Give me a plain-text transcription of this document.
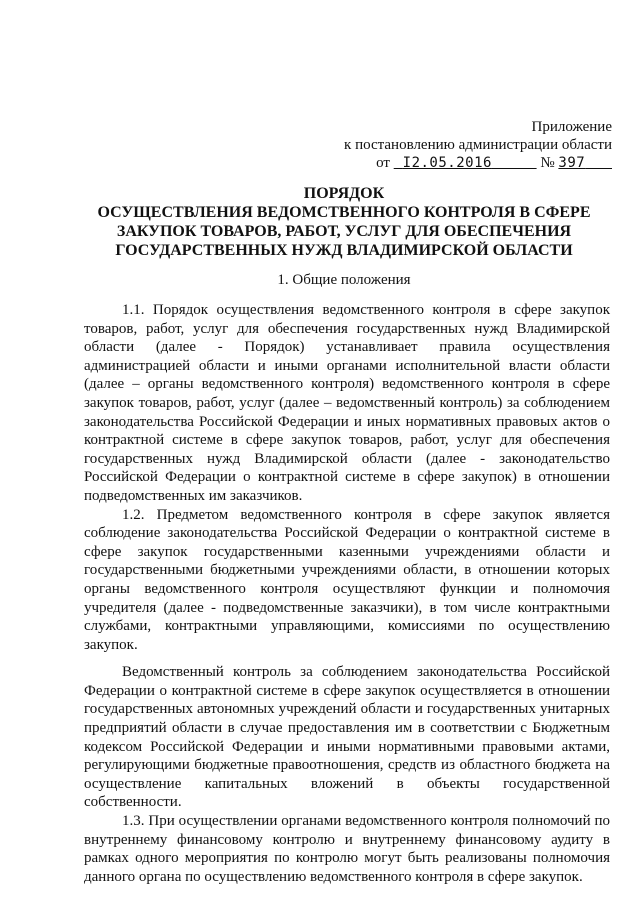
Приложение
к постановлению администрации области
от I2.05.2016	№ 397
ПОРЯДОК
ОСУЩЕСТВЛЕНИЯ ВЕДОМСТВЕННОГО КОНТРОЛЯ В СФЕРЕ
ЗАКУПОК ТОВАРОВ, РАБОТ, УСЛУГ ДЛЯ ОБЕСПЕЧЕНИЯ
ГОСУДАРСТВЕННЫХ НУЖД ВЛАДИМИРСКОЙ ОБЛАСТИ
1. Общие положения

1.1. Порядок осуществления ведомственного контроля в сфере закупок товаров, работ, услуг для обеспечения государственных нужд Владимирской области (далее - Порядок) устанавливает правила осуществления администрацией области и иными органами исполнительной власти области (далее – органы ведомственного контроля) ведомственного контроля в сфере закупок товаров, работ, услуг (далее – ведомственный контроль) за соблюдением законодательства Российской Федерации и иных нормативных правовых актов о контрактной системе в сфере закупок товаров, работ, услуг для обеспечения государственных нужд Владимирской области (далее - законодательство Российской Федерации о контрактной системе в сфере закупок) в отношении подведомственных им заказчиков.

1.2. Предметом ведомственного контроля в сфере закупок является соблюдение законодательства Российской Федерации о контрактной системе в сфере закупок государственными казенными учреждениями области и государственными бюджетными учреждениями области, в отношении которых органы ведомственного контроля осуществляют функции и полномочия учредителя (далее - подведомственные заказчики), в том числе контрактными службами, контрактными управляющими, комиссиями по осуществлению закупок.

Ведомственный контроль за соблюдением законодательства Российской Федерации о контрактной системе в сфере закупок осуществляется в отношении государственных автономных учреждений области и государственных унитарных предприятий области в случае предоставления им в соответствии с Бюджетным кодексом Российской Федерации и иными нормативными правовыми актами, регулирующими бюджетные правоотношения, средств из областного бюджета на осуществление капитальных вложений в объекты государственной собственности.

1.3. При осуществлении органами ведомственного контроля полномочий по внутреннему финансовому контролю и внутреннему финансовому аудиту в рамках одного мероприятия по контролю могут быть реализованы полномочия данного органа по осуществлению ведомственного контроля в сфере закупок.
